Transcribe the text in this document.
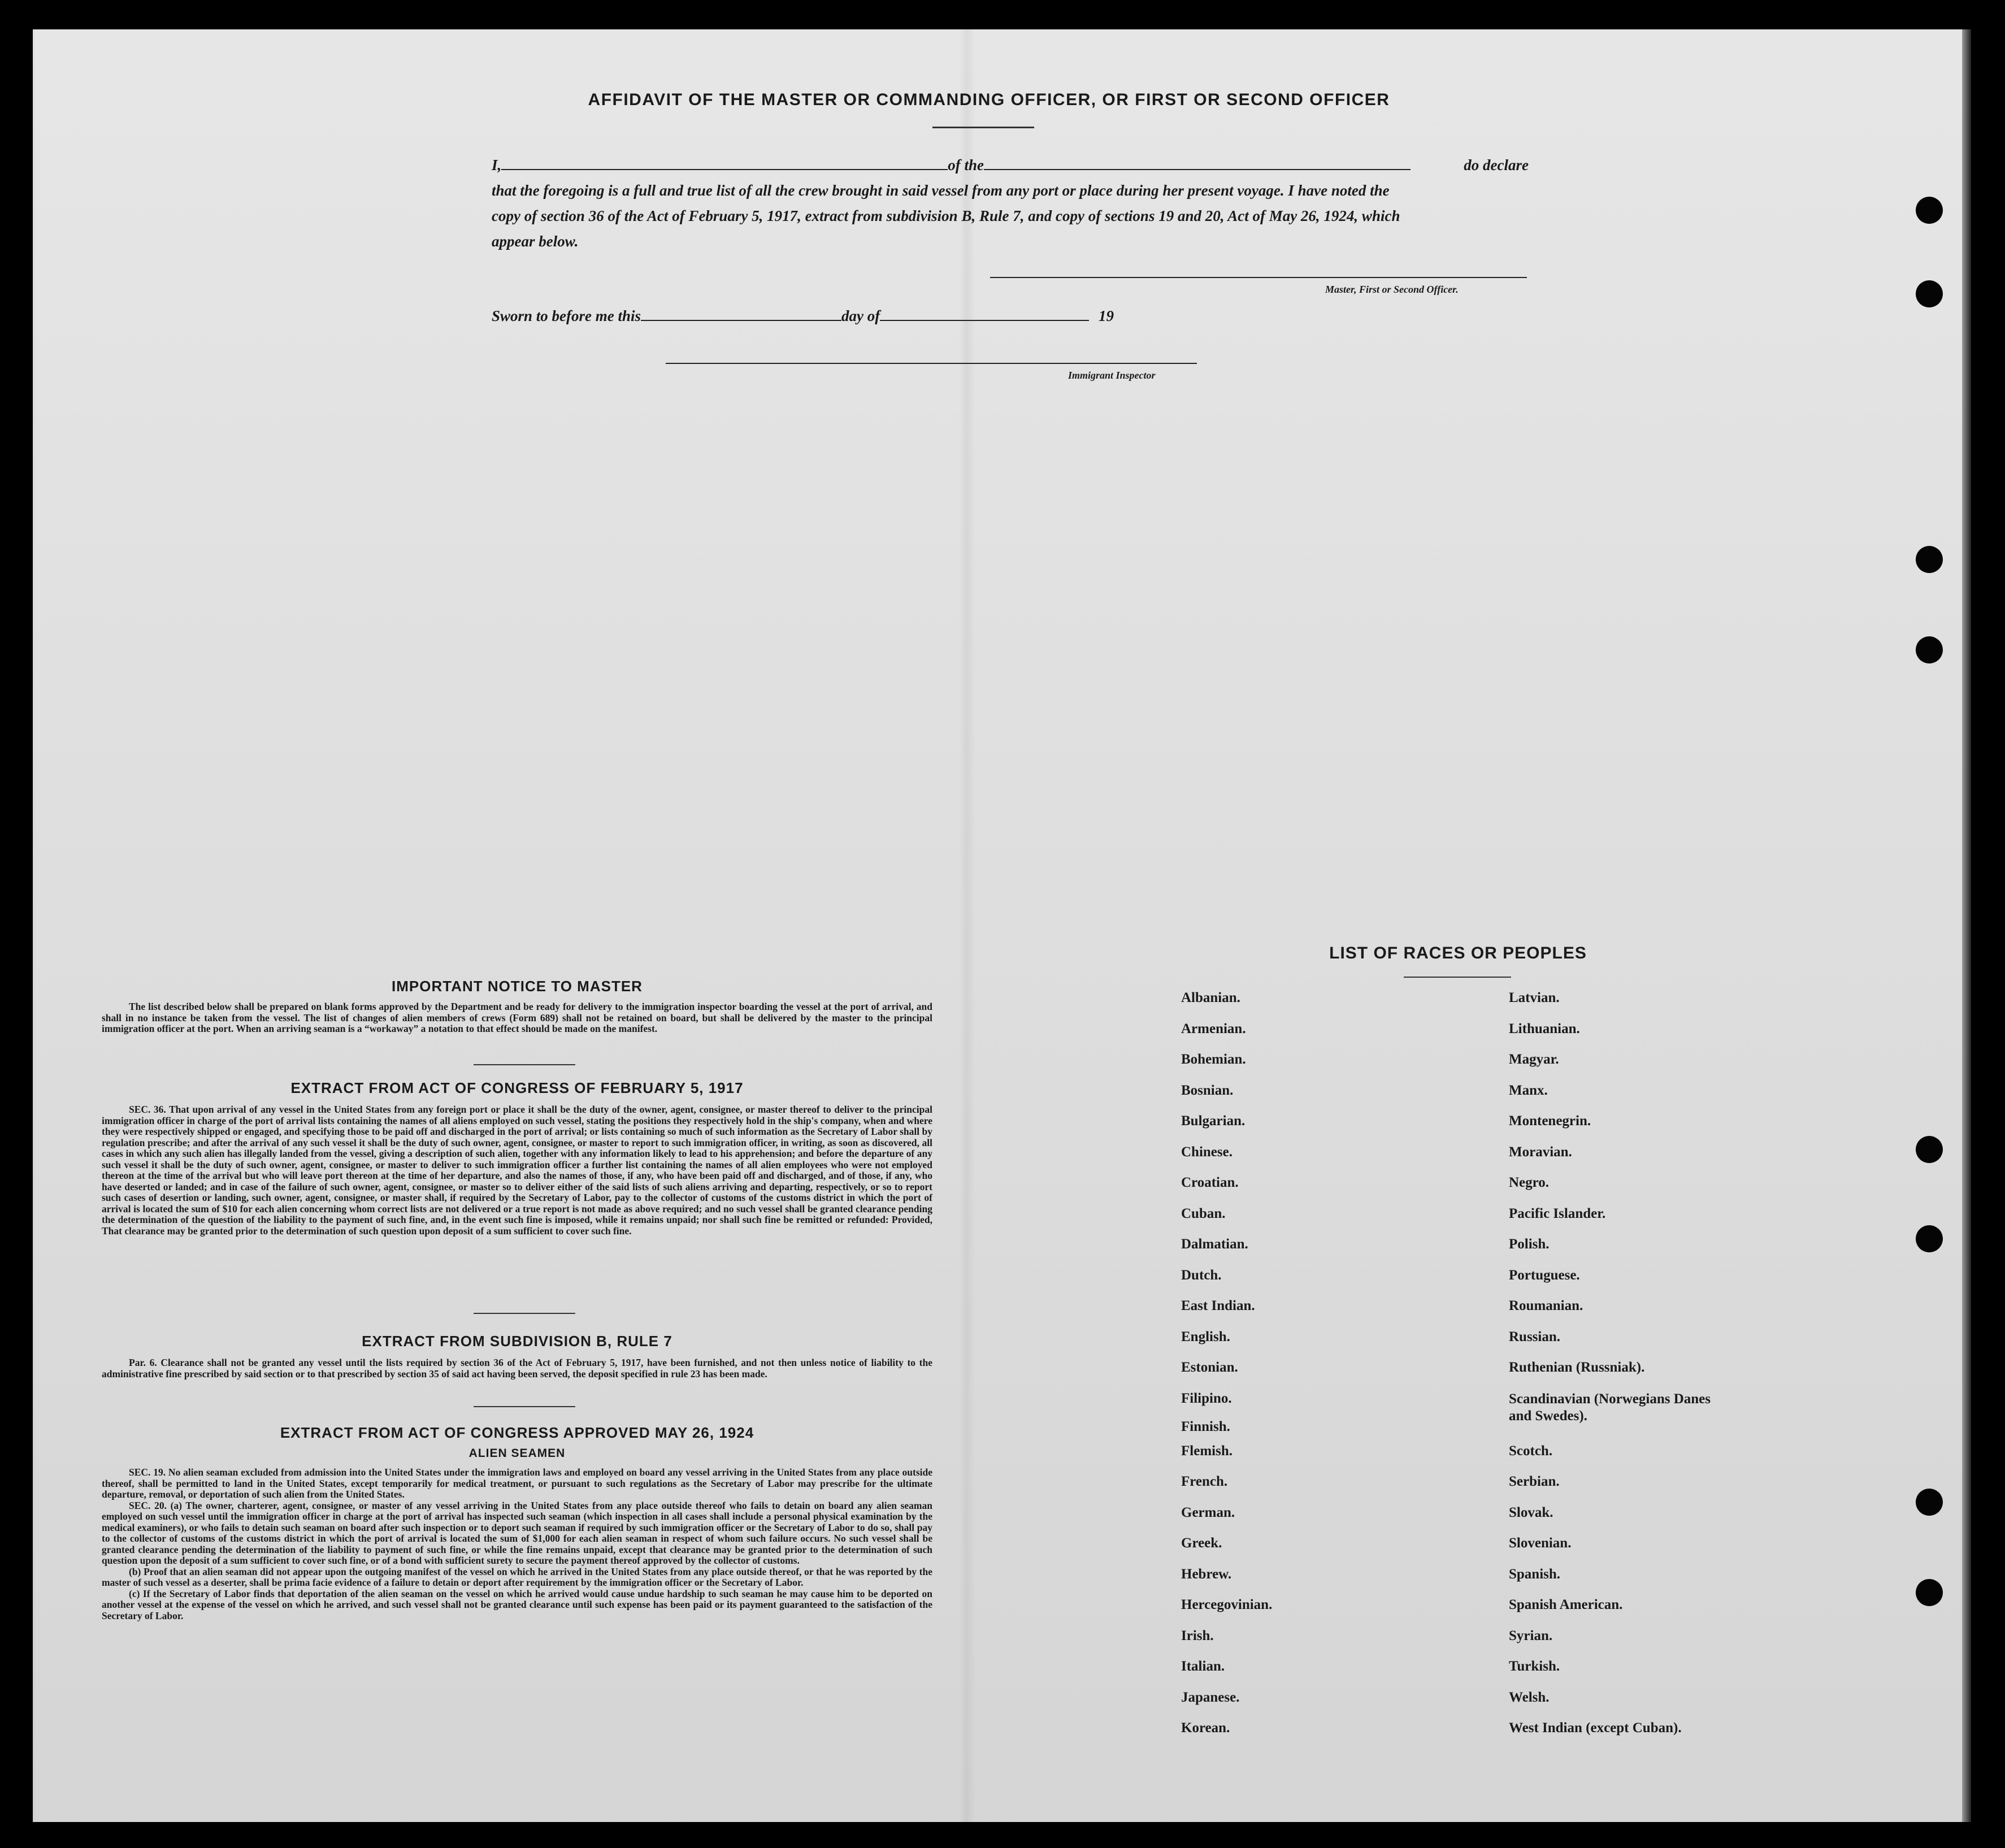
AFFIDAVIT OF THE MASTER OR COMMANDING OFFICER, OR FIRST OR SECOND OFFICER
I,	of the	do declare
that the foregoing is a full and true list of all the crew brought in said vessel from any port or place during her present voyage. I have noted the
copy of section 36 of the Act of February 5, 1917, extract from subdivision B, Rule 7, and copy of sections 19 and 20, Act of May 26, 1924, which
appear below.
Master, First or Second Officer.
Sworn to before me this	day of	19
Immigrant Inspector
IMPORTANT NOTICE TO MASTER

The list described below shall be prepared on blank forms approved by the Department and be ready for delivery to the immigration inspector boarding the vessel at the port of arrival, and shall in no instance be taken from the vessel. The list of changes of alien members of crews (Form 689) shall not be retained on board, but shall be delivered by the master to the principal immigration officer at the port. When an arriving seaman is a “workaway” a notation to that effect should be made on the manifest.

EXTRACT FROM ACT OF CONGRESS OF FEBRUARY 5, 1917

SEC. 36. That upon arrival of any vessel in the United States from any foreign port or place it shall be the duty of the owner, agent, consignee, or master thereof to deliver to the principal immigration officer in charge of the port of arrival lists containing the names of all aliens employed on such vessel, stating the positions they respectively hold in the ship's company, when and where they were respectively shipped or engaged, and specifying those to be paid off and discharged in the port of arrival; or lists containing so much of such information as the Secretary of Labor shall by regulation prescribe; and after the arrival of any such vessel it shall be the duty of such owner, agent, consignee, or master to report to such immigration officer, in writing, as soon as discovered, all cases in which any such alien has illegally landed from the vessel, giving a description of such alien, together with any information likely to lead to his apprehension; and before the departure of any such vessel it shall be the duty of such owner, agent, consignee, or master to deliver to such immigration officer a further list containing the names of all alien employees who were not employed thereon at the time of the arrival but who will leave port thereon at the time of her departure, and also the names of those, if any, who have been paid off and discharged, and of those, if any, who have deserted or landed; and in case of the failure of such owner, agent, consignee, or master so to deliver either of the said lists of such aliens arriving and departing, respectively, or so to report such cases of desertion or landing, such owner, agent, consignee, or master shall, if required by the Secretary of Labor, pay to the collector of customs of the customs district in which the port of arrival is located the sum of $10 for each alien concerning whom correct lists are not delivered or a true report is not made as above required; and no such vessel shall be granted clearance pending the determination of the question of the liability to the payment of such fine, and, in the event such fine is imposed, while it remains unpaid; nor shall such fine be remitted or refunded: Provided, That clearance may be granted prior to the determination of such question upon deposit of a sum sufficient to cover such fine.

EXTRACT FROM SUBDIVISION B, RULE 7

Par. 6. Clearance shall not be granted any vessel until the lists required by section 36 of the Act of February 5, 1917, have been furnished, and not then unless notice of liability to the administrative fine prescribed by said section or to that prescribed by section 35 of said act having been served, the deposit specified in rule 23 has been made.

EXTRACT FROM ACT OF CONGRESS APPROVED MAY 26, 1924
ALIEN SEAMEN

SEC. 19. No alien seaman excluded from admission into the United States under the immigration laws and employed on board any vessel arriving in the United States from any place outside thereof, shall be permitted to land in the United States, except temporarily for medical treatment, or pursuant to such regulations as the Secretary of Labor may prescribe for the ultimate departure, removal, or deportation of such alien from the United States.

SEC. 20. (a) The owner, charterer, agent, consignee, or master of any vessel arriving in the United States from any place outside thereof who fails to detain on board any alien seaman employed on such vessel until the immigration officer in charge at the port of arrival has inspected such seaman (which inspection in all cases shall include a personal physical examination by the medical examiners), or who fails to detain such seaman on board after such inspection or to deport such seaman if required by such immigration officer or the Secretary of Labor to do so, shall pay to the collector of customs of the customs district in which the port of arrival is located the sum of $1,000 for each alien seaman in respect of whom such failure occurs. No such vessel shall be granted clearance pending the determination of the liability to payment of such fine, or while the fine remains unpaid, except that clearance may be granted prior to the determination of such question upon the deposit of a sum sufficient to cover such fine, or of a bond with sufficient surety to secure the payment thereof approved by the collector of customs.

(b) Proof that an alien seaman did not appear upon the outgoing manifest of the vessel on which he arrived in the United States from any place outside thereof, or that he was reported by the master of such vessel as a deserter, shall be prima facie evidence of a failure to detain or deport after requirement by the immigration officer or the Secretary of Labor.

(c) If the Secretary of Labor finds that deportation of the alien seaman on the vessel on which he arrived would cause undue hardship to such seaman he may cause him to be deported on another vessel at the expense of the vessel on which he arrived, and such vessel shall not be granted clearance until such expense has been paid or its payment guaranteed to the satisfaction of the Secretary of Labor.

LIST OF RACES OR PEOPLES
Albanian.
Armenian.
Bohemian.
Bosnian.
Bulgarian.
Chinese.
Croatian.
Cuban.
Dalmatian.
Dutch.
East Indian.
English.
Estonian.
Filipino.
Finnish.
Flemish.
French.
German.
Greek.
Hebrew.
Hercegovinian.
Irish.
Italian.
Japanese.
Korean.
Latvian.
Lithuanian.
Magyar.
Manx.
Montenegrin.
Moravian.
Negro.
Pacific Islander.
Polish.
Portuguese.
Roumanian.
Russian.
Ruthenian (Russniak).
Scandinavian (Norwegians Danes and Swedes).
Scotch.
Serbian.
Slovak.
Slovenian.
Spanish.
Spanish American.
Syrian.
Turkish.
Welsh.
West Indian (except Cuban).
